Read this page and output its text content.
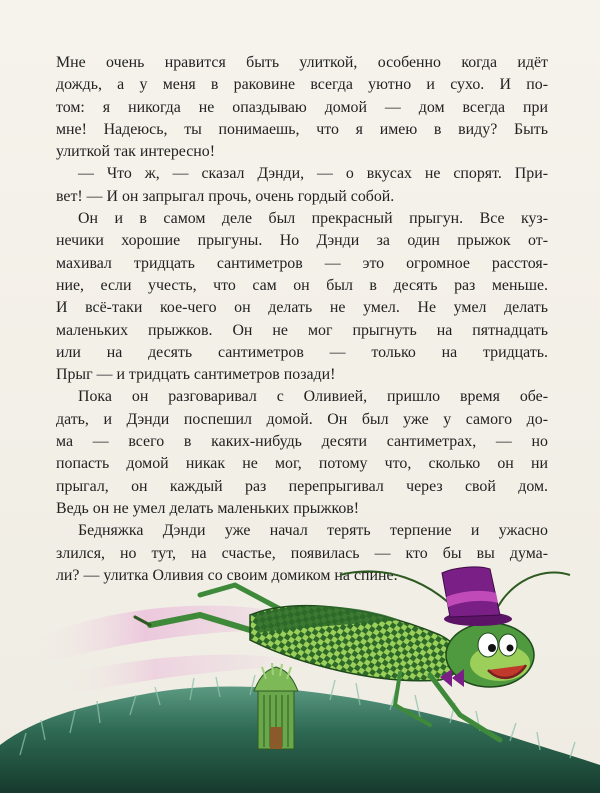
Мне очень нравится быть улиткой, особенно когда идёт
дождь, а у меня в раковине всегда уютно и сухо. И по-
том: я никогда не опаздываю домой — дом всегда при
мне! Надеюсь, ты понимаешь, что я имею в виду? Быть
улиткой так интересно!
— Что ж, — сказал Дэнди, — о вкусах не спорят. При-
вет! — И он запрыгал прочь, очень гордый собой.
Он и в самом деле был прекрасный прыгун. Все куз-
нечики хорошие прыгуны. Но Дэнди за один прыжок от-
махивал тридцать сантиметров — это огромное расстоя-
ние, если учесть, что сам он был в десять раз меньше.
И всё-таки кое-чего он делать не умел. Не умел делать
маленьких прыжков. Он не мог прыгнуть на пятнадцать
или на десять сантиметров — только на тридцать.
Прыг — и тридцать сантиметров позади!
Пока он разговаривал с Оливией, пришло время обе-
дать, и Дэнди поспешил домой. Он был уже у самого до-
ма — всего в каких-нибудь десяти сантиметрах, — но
попасть домой никак не мог, потому что, сколько он ни
прыгал, он каждый раз перепрыгивал через свой дом.
Ведь он не умел делать маленьких прыжков!
Бедняжка Дэнди уже начал терять терпение и ужасно
злился, но тут, на счастье, появилась — кто бы вы дума-
ли? — улитка Оливия со своим домиком на спине.
